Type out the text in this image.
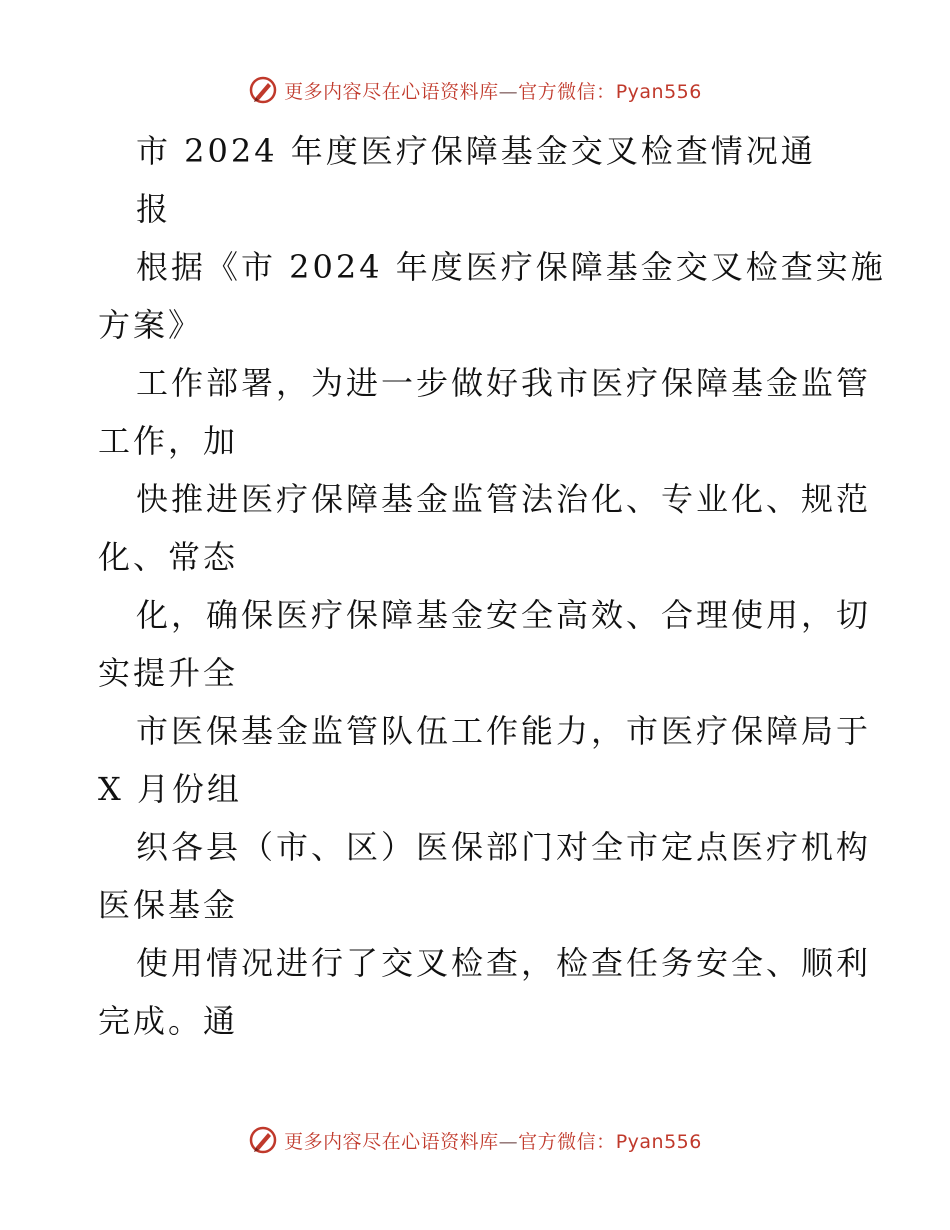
更多内容尽在心语资料库—官方微信：Pyan556
市 2024 年度医疗保障基金交叉检查情况通
报
根据《市 2024 年度医疗保障基金交叉检查实施
方案》
工作部署，为进一步做好我市医疗保障基金监管
工作，加
快推进医疗保障基金监管法治化、专业化、规范
化、常态
化，确保医疗保障基金安全高效、合理使用，切
实提升全
市医保基金监管队伍工作能力，市医疗保障局于
X 月份组
织各县（市、区）医保部门对全市定点医疗机构
医保基金
使用情况进行了交叉检查，检查任务安全、顺利
完成。通
更多内容尽在心语资料库—官方微信：Pyan556
